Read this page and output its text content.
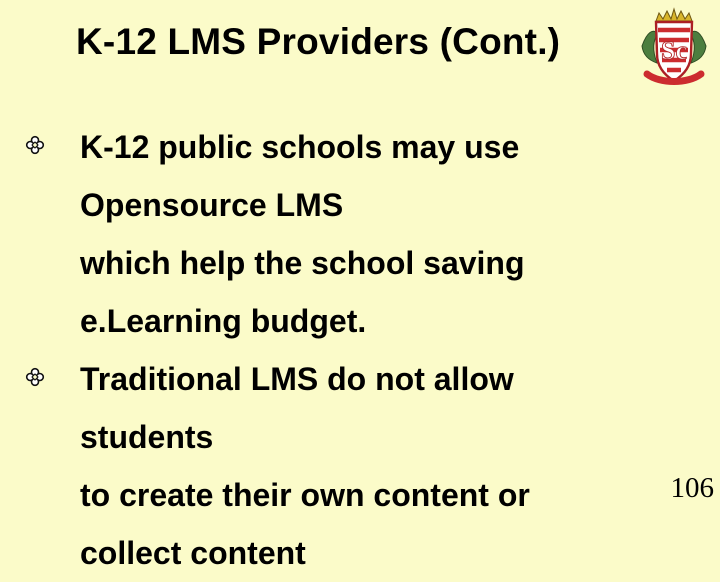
K-12 LMS Providers (Cont.)	Sc
K-12 public schools may use
Opensource LMS
which help the school saving
e.Learning budget.
Traditional LMS do not allow
students
to create their own content or
collect content
106
